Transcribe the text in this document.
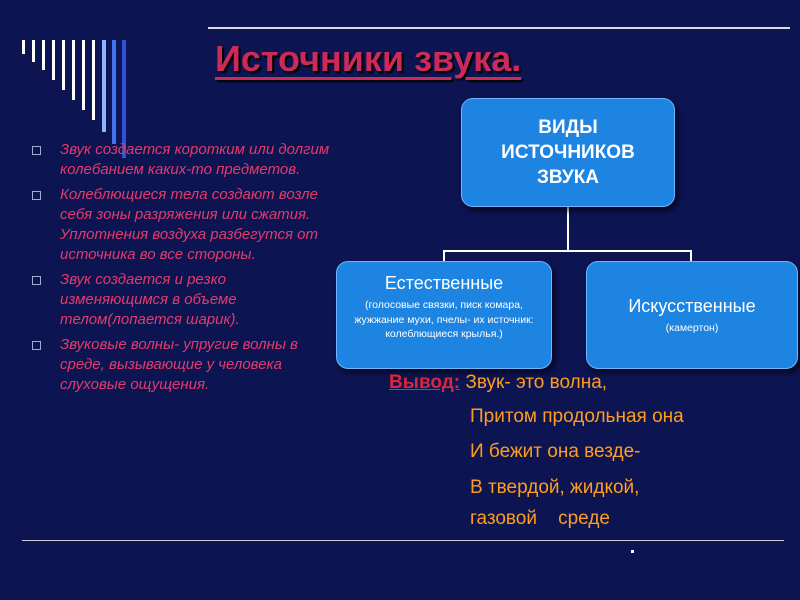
Источники звука.
Звук создается коротким или долгим колебанием каких-то предметов.
Колеблющиеся тела создают возле себя зоны разряжения или сжатия. Уплотнения воздуха разбегутся от источника во все стороны.
Звук создается и резко изменяющимся в объеме телом(лопается шарик).
Звуковые волны- упругие волны в среде, вызывающие у человека слуховые ощущения.
ВИДЫ ИСТОЧНИКОВ ЗВУКА
Естественные
(голосовые связки, писк комара, жужжание мухи, пчелы- их источник: колеблющиеся крылья.)
Искусственные
(камертон)
Вывод: Звук- это волна,
Притом продольная она
И бежит она везде-
В твердой, жидкой,
газовой    среде
